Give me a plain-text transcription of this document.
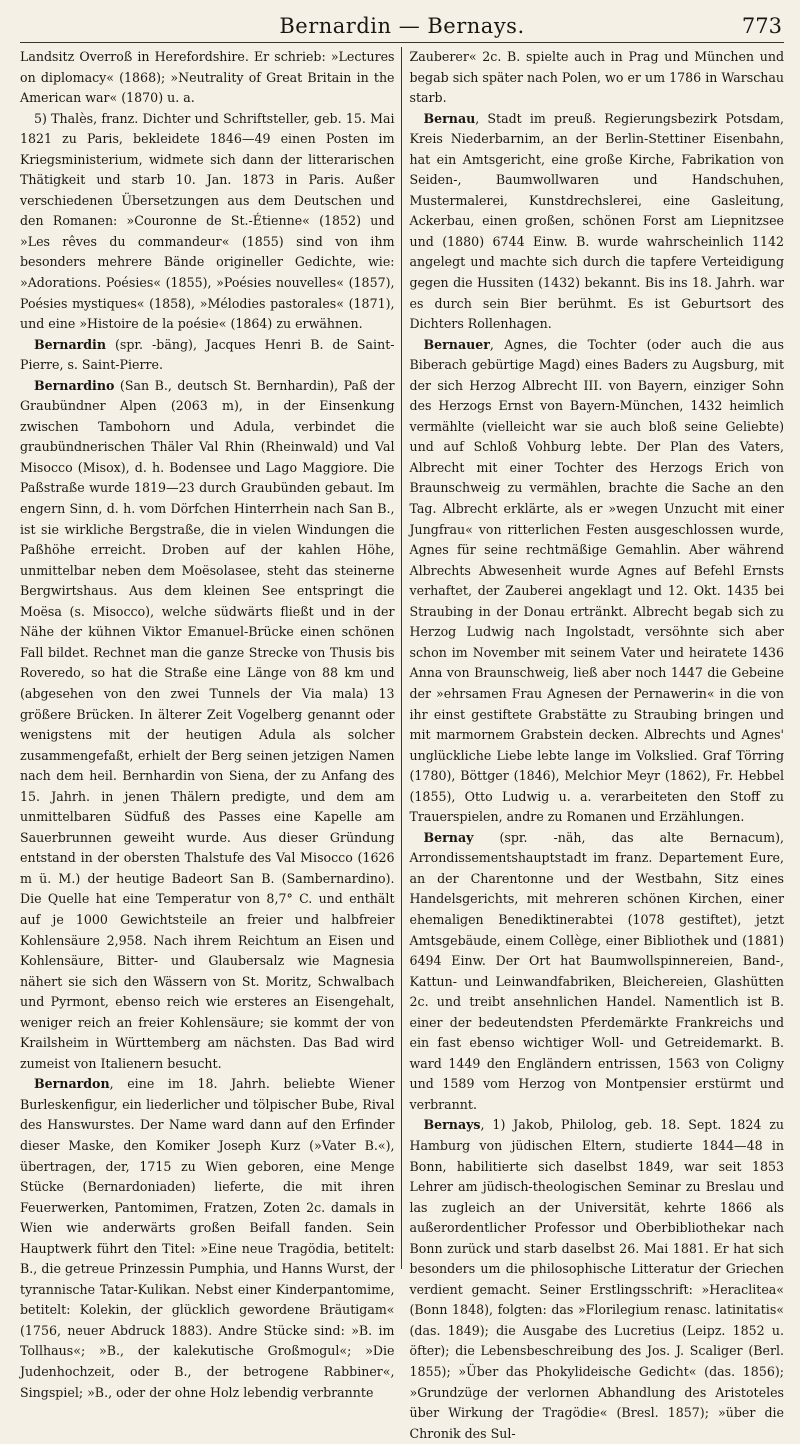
Bernardin — Bernays.	773

Landsitz Overroß in Herefordshire. Er schrieb: »Lectures on diplomacy« (1868); »Neutrality of Great Britain in the American war« (1870) u. a.

5) Thalès, franz. Dichter und Schriftsteller, geb. 15. Mai 1821 zu Paris, bekleidete 1846—49 einen Posten im Kriegsministerium, widmete sich dann der litterarischen Thätigkeit und starb 10. Jan. 1873 in Paris. Außer verschiedenen Übersetzungen aus dem Deutschen und den Romanen: »Couronne de St.-Étienne« (1852) und »Les rêves du commandeur« (1855) sind von ihm besonders mehrere Bände origineller Gedichte, wie: »Adorations. Poésies« (1855), »Poésies nouvelles« (1857), Poésies mystiques« (1858), »Mélodies pastorales« (1871), und eine »Histoire de la poésie« (1864) zu erwähnen.

Bernardin (spr. -bäng), Jacques Henri B. de Saint-Pierre, s. Saint-Pierre.

Bernardino (San B., deutsch St. Bernhardin), Paß der Graubündner Alpen (2063 m), in der Einsenkung zwischen Tambohorn und Adula, verbindet die graubündnerischen Thäler Val Rhin (Rheinwald) und Val Misocco (Misox), d. h. Bodensee und Lago Maggiore. Die Paßstraße wurde 1819—23 durch Graubünden gebaut. Im engern Sinn, d. h. vom Dörfchen Hinterrhein nach San B., ist sie wirkliche Bergstraße, die in vielen Windungen die Paßhöhe erreicht. Droben auf der kahlen Höhe, unmittelbar neben dem Moësolasee, steht das steinerne Bergwirtshaus. Aus dem kleinen See entspringt die Moësa (s. Misocco), welche südwärts fließt und in der Nähe der kühnen Viktor Emanuel-Brücke einen schönen Fall bildet. Rechnet man die ganze Strecke von Thusis bis Roveredo, so hat die Straße eine Länge von 88 km und (abgesehen von den zwei Tunnels der Via mala) 13 größere Brücken. In älterer Zeit Vogelberg genannt oder wenigstens mit der heutigen Adula als solcher zusammengefaßt, erhielt der Berg seinen jetzigen Namen nach dem heil. Bernhardin von Siena, der zu Anfang des 15. Jahrh. in jenen Thälern predigte, und dem am unmittelbaren Südfuß des Passes eine Kapelle am Sauerbrunnen geweiht wurde. Aus dieser Gründung entstand in der obersten Thalstufe des Val Misocco (1626 m ü. M.) der heutige Badeort San B. (Sambernardino). Die Quelle hat eine Temperatur von 8,7° C. und enthält auf je 1000 Gewichtsteile an freier und halbfreier Kohlensäure 2,958. Nach ihrem Reichtum an Eisen und Kohlensäure, Bitter- und Glaubersalz wie Magnesia nähert sie sich den Wässern von St. Moritz, Schwalbach und Pyrmont, ebenso reich wie ersteres an Eisengehalt, weniger reich an freier Kohlensäure; sie kommt der von Krailsheim in Württemberg am nächsten. Das Bad wird zumeist von Italienern besucht.

Bernardon, eine im 18. Jahrh. beliebte Wiener Burleskenfigur, ein liederlicher und tölpischer Bube, Rival des Hanswurstes. Der Name ward dann auf den Erfinder dieser Maske, den Komiker Joseph Kurz (»Vater B.«), übertragen, der, 1715 zu Wien geboren, eine Menge Stücke (Bernardoniaden) lieferte, die mit ihren Feuerwerken, Pantomimen, Fratzen, Zoten 2c. damals in Wien wie anderwärts großen Beifall fanden. Sein Hauptwerk führt den Titel: »Eine neue Tragödia, betitelt: B., die getreue Prinzessin Pumphia, und Hanns Wurst, der tyrannische Tatar-Kulikan. Nebst einer Kinderpantomime, betitelt: Kolekin, der glücklich gewordene Bräutigam« (1756, neuer Abdruck 1883). Andre Stücke sind: »B. im Tollhaus«; »B., der kalekutische Großmogul«; »Die Judenhochzeit, oder B., der betrogene Rabbiner«, Singspiel; »B., oder der ohne Holz lebendig verbrannte

Zauberer« 2c. B. spielte auch in Prag und München und begab sich später nach Polen, wo er um 1786 in Warschau starb.

Bernau, Stadt im preuß. Regierungsbezirk Potsdam, Kreis Niederbarnim, an der Berlin-Stettiner Eisenbahn, hat ein Amtsgericht, eine große Kirche, Fabrikation von Seiden-, Baumwollwaren und Handschuhen, Mustermalerei, Kunstdrechslerei, eine Gasleitung, Ackerbau, einen großen, schönen Forst am Liepnitzsee und (1880) 6744 Einw. B. wurde wahrscheinlich 1142 angelegt und machte sich durch die tapfere Verteidigung gegen die Hussiten (1432) bekannt. Bis ins 18. Jahrh. war es durch sein Bier berühmt. Es ist Geburtsort des Dichters Rollenhagen.

Bernauer, Agnes, die Tochter (oder auch die aus Biberach gebürtige Magd) eines Baders zu Augsburg, mit der sich Herzog Albrecht III. von Bayern, einziger Sohn des Herzogs Ernst von Bayern-München, 1432 heimlich vermählte (vielleicht war sie auch bloß seine Geliebte) und auf Schloß Vohburg lebte. Der Plan des Vaters, Albrecht mit einer Tochter des Herzogs Erich von Braunschweig zu vermählen, brachte die Sache an den Tag. Albrecht erklärte, als er »wegen Unzucht mit einer Jungfrau« von ritterlichen Festen ausgeschlossen wurde, Agnes für seine rechtmäßige Gemahlin. Aber während Albrechts Abwesenheit wurde Agnes auf Befehl Ernsts verhaftet, der Zauberei angeklagt und 12. Okt. 1435 bei Straubing in der Donau ertränkt. Albrecht begab sich zu Herzog Ludwig nach Ingolstadt, versöhnte sich aber schon im November mit seinem Vater und heiratete 1436 Anna von Braunschweig, ließ aber noch 1447 die Gebeine der »ehrsamen Frau Agnesen der Pernawerin« in die von ihr einst gestiftete Grabstätte zu Straubing bringen und mit marmornem Grabstein decken. Albrechts und Agnes' unglückliche Liebe lebte lange im Volkslied. Graf Törring (1780), Böttger (1846), Melchior Meyr (1862), Fr. Hebbel (1855), Otto Ludwig u. a. verarbeiteten den Stoff zu Trauerspielen, andre zu Romanen und Erzählungen.

Bernay (spr. -näh, das alte Bernacum), Arrondissementshauptstadt im franz. Departement Eure, an der Charentonne und der Westbahn, Sitz eines Handelsgerichts, mit mehreren schönen Kirchen, einer ehemaligen Benediktinerabtei (1078 gestiftet), jetzt Amtsgebäude, einem Collège, einer Bibliothek und (1881) 6494 Einw. Der Ort hat Baumwollspinnereien, Band-, Kattun- und Leinwandfabriken, Bleichereien, Glashütten 2c. und treibt ansehnlichen Handel. Namentlich ist B. einer der bedeutendsten Pferdemärkte Frankreichs und ein fast ebenso wichtiger Woll- und Getreidemarkt. B. ward 1449 den Engländern entrissen, 1563 von Coligny und 1589 vom Herzog von Montpensier erstürmt und verbrannt.

Bernays, 1) Jakob, Philolog, geb. 18. Sept. 1824 zu Hamburg von jüdischen Eltern, studierte 1844—48 in Bonn, habilitierte sich daselbst 1849, war seit 1853 Lehrer am jüdisch-theologischen Seminar zu Breslau und las zugleich an der Universität, kehrte 1866 als außerordentlicher Professor und Oberbibliothekar nach Bonn zurück und starb daselbst 26. Mai 1881. Er hat sich besonders um die philosophische Litteratur der Griechen verdient gemacht. Seiner Erstlingsschrift: »Heraclitea« (Bonn 1848), folgten: das »Florilegium renasc. latinitatis« (das. 1849); die Ausgabe des Lucretius (Leipz. 1852 u. öfter); die Lebensbeschreibung des Jos. J. Scaliger (Berl. 1855); »Über das Phokylideische Gedicht« (das. 1856); »Grundzüge der verlornen Abhandlung des Aristoteles über Wirkung der Tragödie« (Bresl. 1857); »über die Chronik des Sul-
